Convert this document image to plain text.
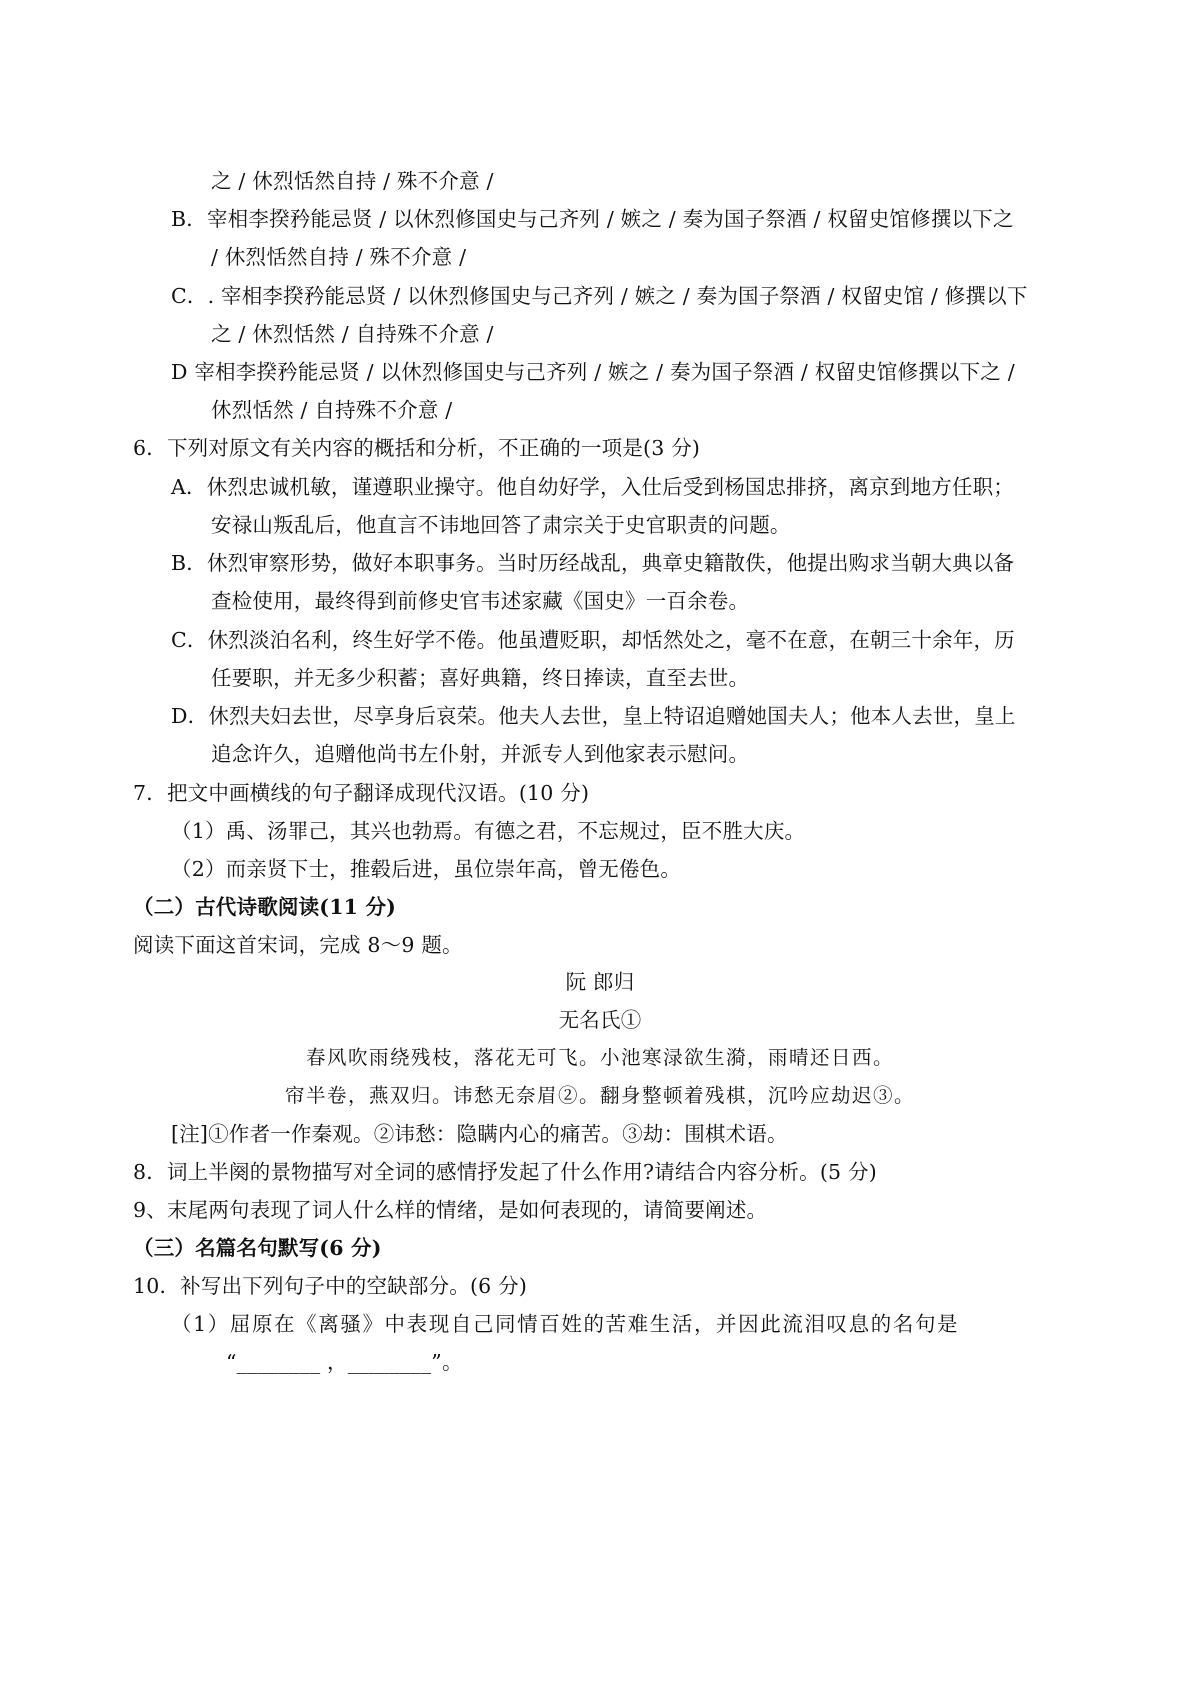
之 / 休烈恬然自持 / 殊不介意 /
B．宰相李揆矜能忌贤 / 以休烈修国史与己齐列 / 嫉之 / 奏为国子祭酒 / 权留史馆修撰以下之
/ 休烈恬然自持 / 殊不介意 /
C．. 宰相李揆矜能忌贤 / 以休烈修国史与己齐列 / 嫉之 / 奏为国子祭酒 / 权留史馆 / 修撰以下
之 / 休烈恬然 / 自持殊不介意 /
D 宰相李揆矜能忌贤 / 以休烈修国史与己齐列 / 嫉之 / 奏为国子祭酒 / 权留史馆修撰以下之 /
休烈恬然 / 自持殊不介意 /
6．下列对原文有关内容的概括和分析，不正确的一项是(3 分)
A．休烈忠诚机敏，谨遵职业操守。他自幼好学，入仕后受到杨国忠排挤，离京到地方任职；
安禄山叛乱后，他直言不讳地回答了肃宗关于史官职责的问题。
B．休烈审察形势，做好本职事务。当时历经战乱，典章史籍散佚，他提出购求当朝大典以备
查检使用，最终得到前修史官韦述家藏《国史》一百余卷。
C．休烈淡泊名利，终生好学不倦。他虽遭贬职，却恬然处之，毫不在意，在朝三十余年，历
任要职，并无多少积蓄；喜好典籍，终日捧读，直至去世。
D．休烈夫妇去世，尽享身后哀荣。他夫人去世，皇上特诏追赠她国夫人；他本人去世，皇上
追念许久，追赠他尚书左仆射，并派专人到他家表示慰问。
7．把文中画横线的句子翻译成现代汉语。(10 分)
（1）禹、汤罪己，其兴也勃焉。有德之君，不忘规过，臣不胜大庆。
（2）而亲贤下士，推毂后进，虽位崇年高，曾无倦色。
（二）古代诗歌阅读(11 分)
阅读下面这首宋词，完成 8～9 题。
阮 郎归
无名氏①
春风吹雨绕残枝，落花无可飞。小池寒渌欲生漪，雨晴还日西。
帘半卷，燕双归。讳愁无奈眉②。翻身整顿着残棋，沉吟应劫迟③。
[注]①作者一作秦观。②讳愁：隐瞒内心的痛苦。③劫：围棋术语。
8．词上半阕的景物描写对全词的感情抒发起了什么作用?请结合内容分析。(5 分)
9、末尾两句表现了词人什么样的情绪，是如何表现的，请简要阐述。
（三）名篇名句默写(6 分)
10．补写出下列句子中的空缺部分。(6 分)
（1）屈原在《离骚》中表现自己同情百姓的苦难生活，并因此流泪叹息的名句是
“________ ，________”。
